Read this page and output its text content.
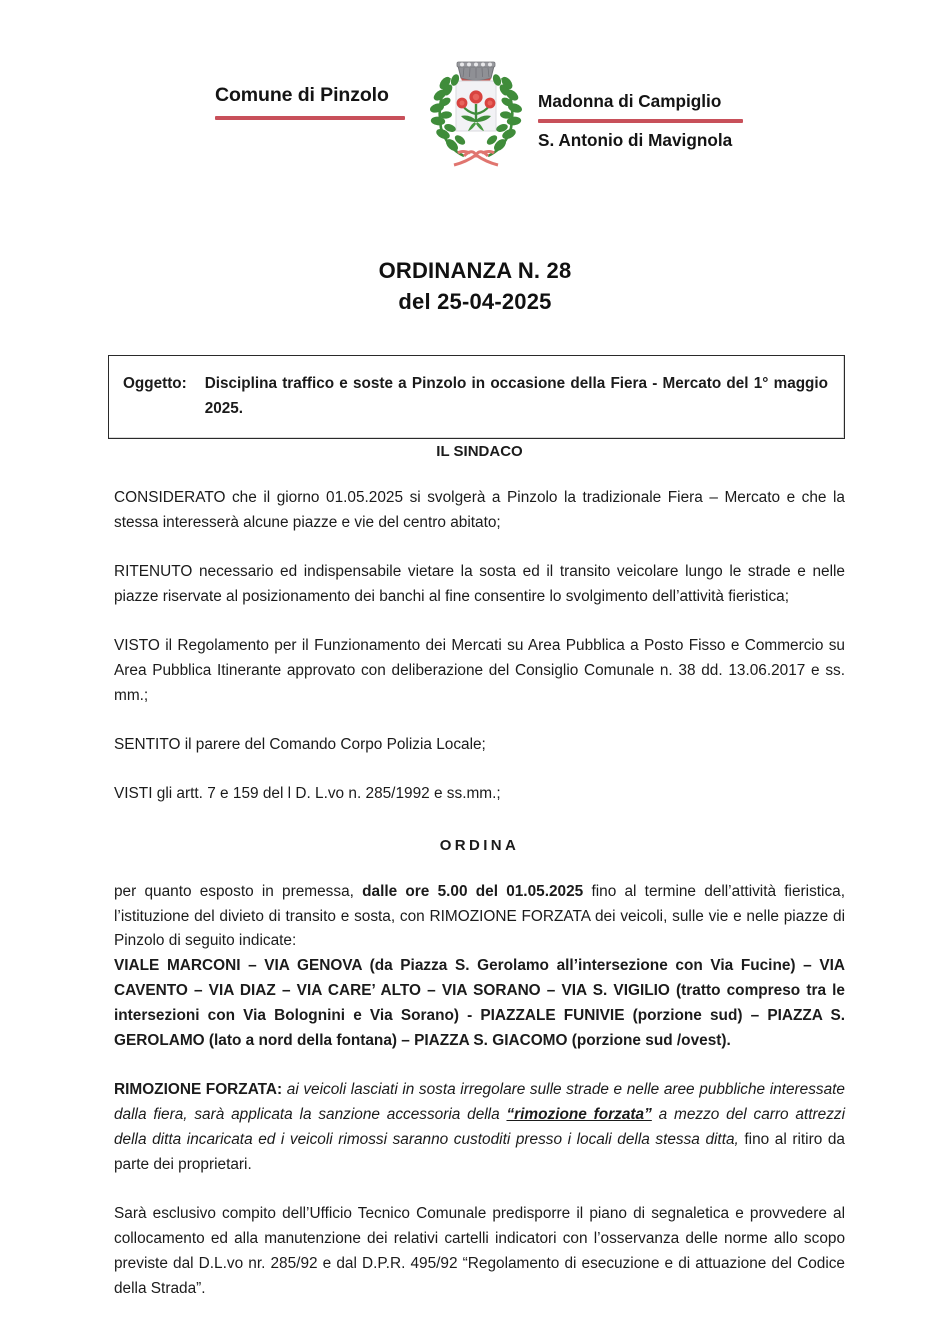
Comune di Pinzolo	Madonna di Campiglio
S. Antonio di Mavignola
ORDINANZA N. 28
del 25-04-2025
Oggetto:	Disciplina traffico e soste a Pinzolo in occasione della Fiera - Mercato del 1° maggio 2025.
IL SINDACO

CONSIDERATO che il giorno 01.05.2025 si svolgerà a Pinzolo la tradizionale Fiera – Mercato e che la stessa interesserà alcune piazze e vie del centro abitato;

RITENUTO necessario ed indispensabile vietare la sosta ed il transito veicolare lungo le strade e nelle piazze riservate al posizionamento dei banchi al fine consentire lo svolgimento dell’attività fieristica;

VISTO il Regolamento per il Funzionamento dei Mercati su Area Pubblica a Posto Fisso e Commercio su Area Pubblica Itinerante approvato con deliberazione del Consiglio Comunale n. 38 dd. 13.06.2017 e ss. mm.;

SENTITO il parere del Comando Corpo Polizia Locale;

VISTI gli artt. 7 e 159 del l D. L.vo n. 285/1992 e ss.mm.;

ORDINA

per quanto esposto in premessa, dalle ore 5.00 del 01.05.2025 fino al termine dell’attività fieristica, l’istituzione del divieto di transito e sosta, con RIMOZIONE FORZATA dei veicoli, sulle vie e nelle piazze di Pinzolo di seguito indicate:

VIALE MARCONI – VIA GENOVA (da Piazza S. Gerolamo all’intersezione con Via Fucine) – VIA CAVENTO – VIA DIAZ – VIA CARE’ ALTO – VIA SORANO – VIA S. VIGILIO (tratto compreso tra le intersezioni con Via Bolognini e Via Sorano) - PIAZZALE FUNIVIE (porzione sud) – PIAZZA S. GEROLAMO (lato a nord della fontana) – PIAZZA S. GIACOMO (porzione sud /ovest).

RIMOZIONE FORZATA: ai veicoli lasciati in sosta irregolare sulle strade e nelle aree pubbliche interessate dalla fiera, sarà applicata la sanzione accessoria della “rimozione forzata” a mezzo del carro attrezzi della ditta incaricata ed i veicoli rimossi saranno custoditi presso i locali della stessa ditta, fino al ritiro da parte dei proprietari.

Sarà esclusivo compito dell’Ufficio Tecnico Comunale predisporre il piano di segnaletica e provvedere al collocamento ed alla manutenzione dei relativi cartelli indicatori con l’osservanza delle norme allo scopo previste dal D.L.vo nr. 285/92 e dal D.P.R. 495/92 “Regolamento di esecuzione e di attuazione del Codice della Strada”.
